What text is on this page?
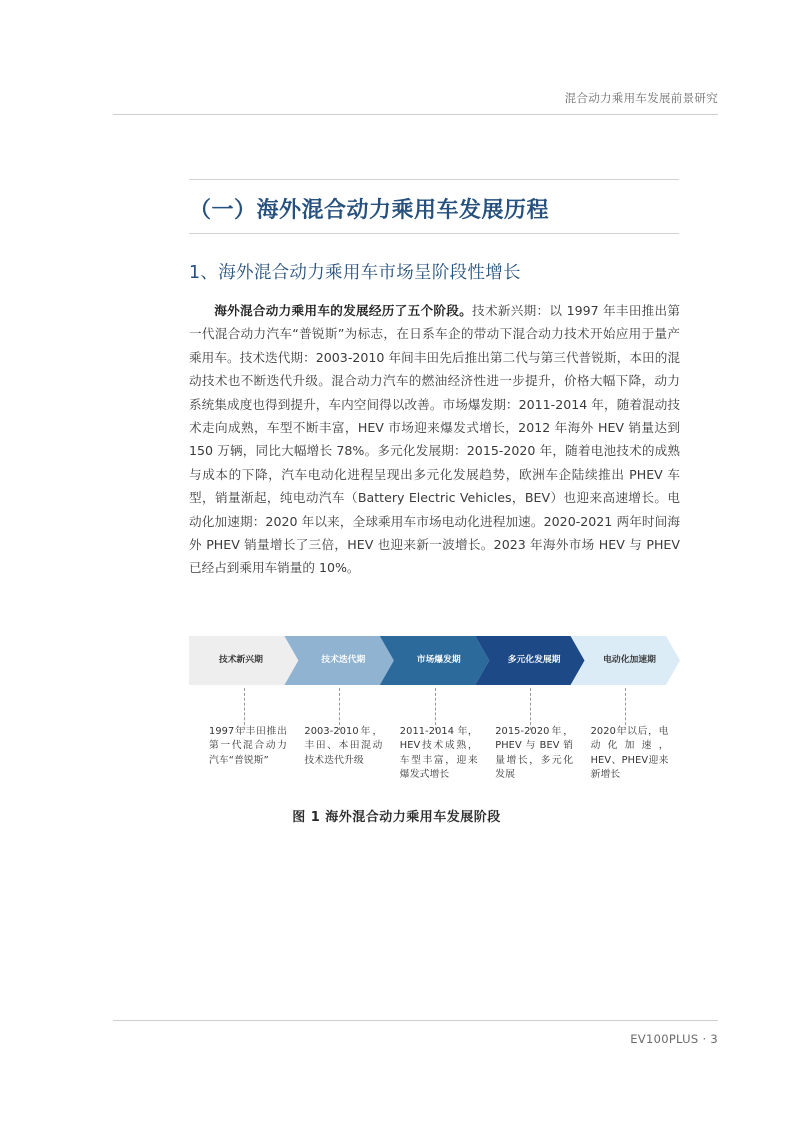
混合动力乘用车发展前景研究
（一）海外混合动力乘用车发展历程
1、海外混合动力乘用车市场呈阶段性增长

海外混合动力乘用车的发展经历了五个阶段。技术新兴期：以 1997 年丰田推出第一代混合动力汽车“普锐斯”为标志，在日系车企的带动下混合动力技术开始应用于量产乘用车。技术迭代期：2003-2010 年间丰田先后推出第二代与第三代普锐斯，本田的混动技术也不断迭代升级。混合动力汽车的燃油经济性进一步提升，价格大幅下降，动力系统集成度也得到提升，车内空间得以改善。市场爆发期：2011-2014 年，随着混动技术走向成熟，车型不断丰富，HEV 市场迎来爆发式增长，2012 年海外 HEV 销量达到 150 万辆，同比大幅增长 78%。多元化发展期：2015-2020 年，随着电池技术的成熟与成本的下降，汽车电动化进程呈现出多元化发展趋势，欧洲车企陆续推出 PHEV 车型，销量渐起，纯电动汽车（Battery Electric Vehicles，BEV）也迎来高速增长。电动化加速期：2020 年以来，全球乘用车市场电动化进程加速。2020-2021 两年时间海外 PHEV 销量增长了三倍，HEV 也迎来新一波增长。2023 年海外市场 HEV 与 PHEV 已经占到乘用车销量的 10%。

技术新兴期
1997年丰田推出第一代混合动力汽车“普锐斯”
技术迭代期
2003-2010年，丰田、本田混动技术迭代升级
市场爆发期
2011-2014 年，HEV技术成熟，车型丰富，迎来爆发式增长
多元化发展期
2015-2020年，PHEV 与 BEV 销量增长，多元化发展
电动化加速期
2020年以后，电动化加速，HEV、PHEV迎来新增长
图 1 海外混合动力乘用车发展阶段
EV100PLUS · 3
